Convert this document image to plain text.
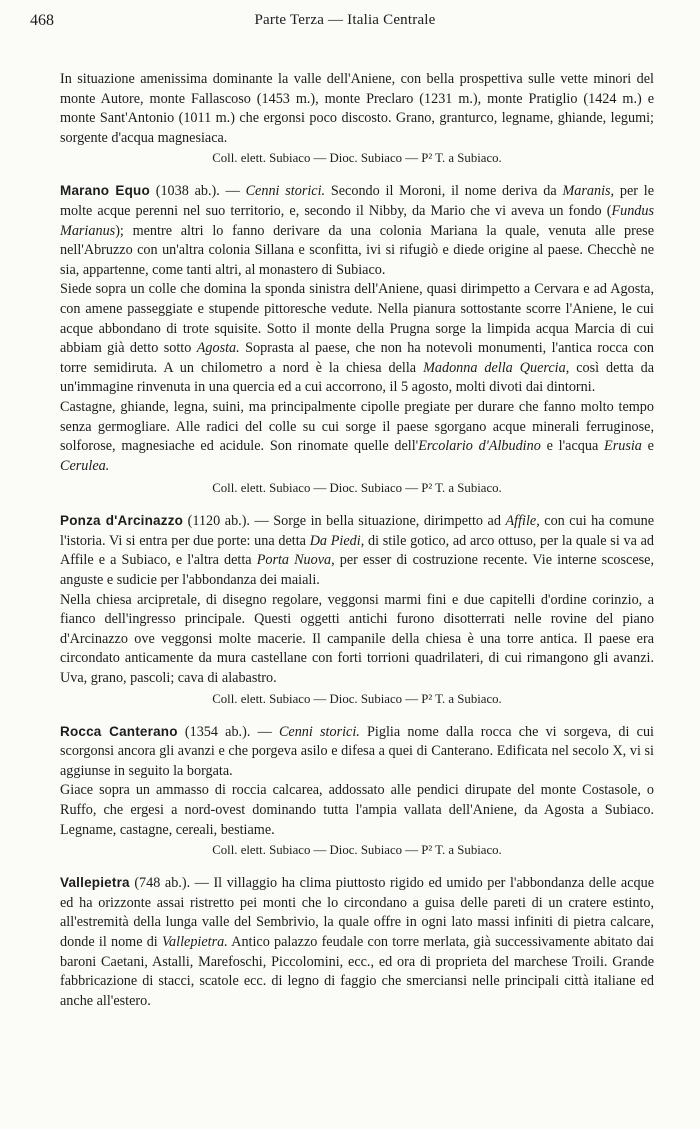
468	Parte Terza — Italia Centrale

In situazione amenissima dominante la valle dell'Aniene, con bella prospettiva sulle vette minori del monte Autore, monte Fallascoso (1453 m.), monte Preclaro (1231 m.), monte Pratiglio (1424 m.) e monte Sant'Antonio (1011 m.) che ergonsi poco discosto. Grano, granturco, legname, ghiande, legumi; sorgente d'acqua magnesiaca.

Coll. elett. Subiaco — Dioc. Subiaco — P² T. a Subiaco.

Marano Equo (1038 ab.). — Cenni storici. Secondo il Moroni, il nome deriva da Maranis, per le molte acque perenni nel suo territorio, e, secondo il Nibby, da Mario che vi aveva un fondo (Fundus Marianus); mentre altri lo fanno derivare da una colonia Mariana la quale, venuta alle prese nell'Abruzzo con un'altra colonia Sillana e sconfitta, ivi si rifugiò e diede origine al paese. Checchè ne sia, appartenne, come tanti altri, al monastero di Subiaco.

Siede sopra un colle che domina la sponda sinistra dell'Aniene, quasi dirimpetto a Cervara e ad Agosta, con amene passeggiate e stupende pittoresche vedute. Nella pianura sottostante scorre l'Aniene, le cui acque abbondano di trote squisite. Sotto il monte della Prugna sorge la limpida acqua Marcia di cui abbiam già detto sotto Agosta. Soprasta al paese, che non ha notevoli monumenti, l'antica rocca con torre semidiruta. A un chilometro a nord è la chiesa della Madonna della Quercia, così detta da un'immagine rinvenuta in una quercia ed a cui accorrono, il 5 agosto, molti divoti dai dintorni.

Castagne, ghiande, legna, suini, ma principalmente cipolle pregiate per durare che fanno molto tempo senza germogliare. Alle radici del colle su cui sorge il paese sgorgano acque minerali ferruginose, solforose, magnesiache ed acidule. Son rinomate quelle dell'Ercolario d'Albudino e l'acqua Erusia e Cerulea.

Coll. elett. Subiaco — Dioc. Subiaco — P² T. a Subiaco.

Ponza d'Arcinazzo (1120 ab.). — Sorge in bella situazione, dirimpetto ad Affile, con cui ha comune l'istoria. Vi si entra per due porte: una detta Da Piedi, di stile gotico, ad arco ottuso, per la quale si va ad Affile e a Subiaco, e l'altra detta Porta Nuova, per esser di costruzione recente. Vie interne scoscese, anguste e sudicie per l'abbondanza dei maiali.

Nella chiesa arcipretale, di disegno regolare, veggonsi marmi fini e due capitelli d'ordine corinzio, a fianco dell'ingresso principale. Questi oggetti antichi furono disotterrati nelle rovine del piano d'Arcinazzo ove veggonsi molte macerie. Il campanile della chiesa è una torre antica. Il paese era circondato anticamente da mura castellane con forti torrioni quadrilateri, di cui rimangono gli avanzi. Uva, grano, pascoli; cava di alabastro.

Coll. elett. Subiaco — Dioc. Subiaco — P² T. a Subiaco.

Rocca Canterano (1354 ab.). — Cenni storici. Piglia nome dalla rocca che vi sorgeva, di cui scorgonsi ancora gli avanzi e che porgeva asilo e difesa a quei di Canterano. Edificata nel secolo X, vi si aggiunse in seguito la borgata.

Giace sopra un ammasso di roccia calcarea, addossato alle pendici dirupate del monte Costasole, o Ruffo, che ergesi a nord-ovest dominando tutta l'ampia vallata dell'Aniene, da Agosta a Subiaco. Legname, castagne, cereali, bestiame.

Coll. elett. Subiaco — Dioc. Subiaco — P² T. a Subiaco.

Vallepietra (748 ab.). — Il villaggio ha clima piuttosto rigido ed umido per l'abbondanza delle acque ed ha orizzonte assai ristretto pei monti che lo circondano a guisa delle pareti di un cratere estinto, all'estremità della lunga valle del Sembrivio, la quale offre in ogni lato massi infiniti di pietra calcare, donde il nome di Vallepietra. Antico palazzo feudale con torre merlata, già successivamente abitato dai baroni Caetani, Astalli, Marefoschi, Piccolomini, ecc., ed ora di proprieta del marchese Troili. Grande fabbricazione di stacci, scatole ecc. di legno di faggio che smerciansi nelle principali città italiane ed anche all'estero.
